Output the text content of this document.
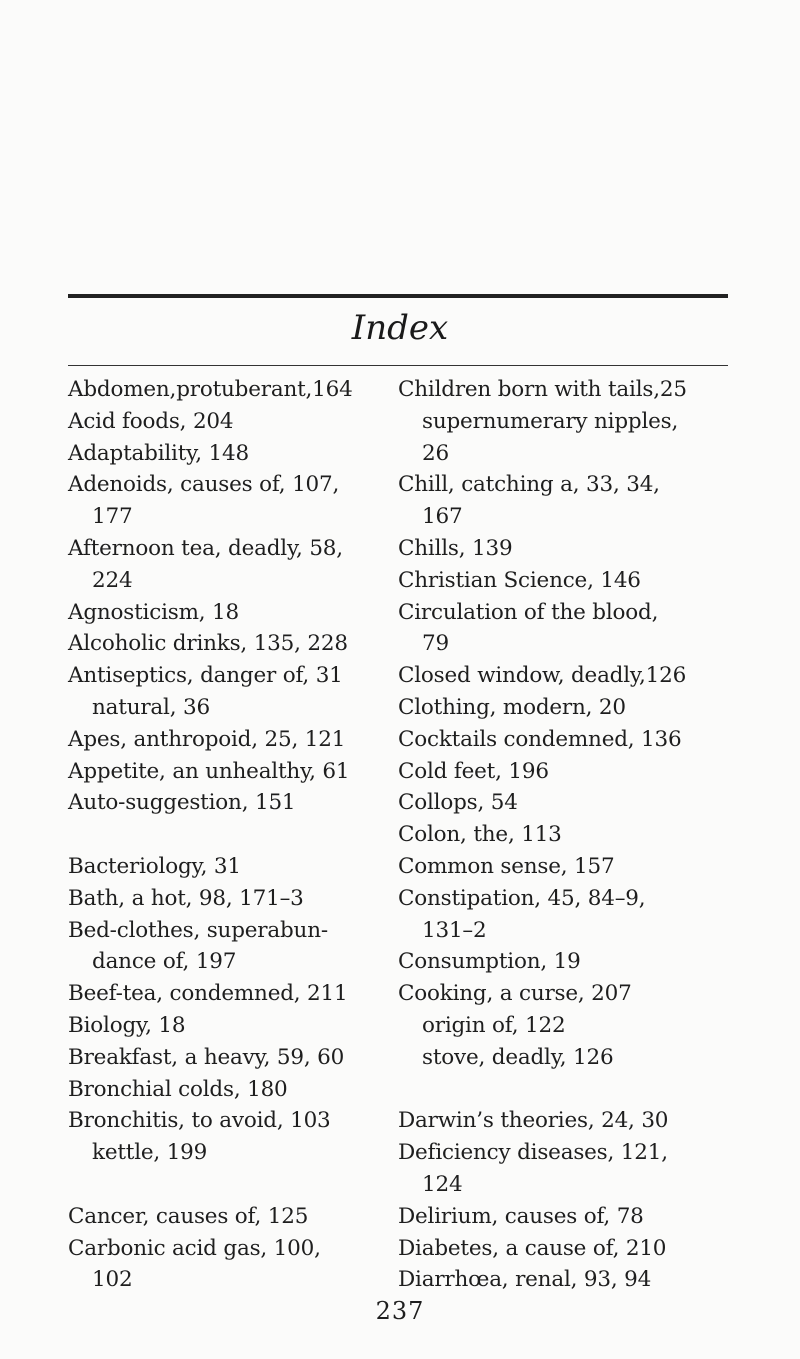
Index

Abdomen,protuberant,164

Acid foods, 204

Adaptability, 148

Adenoids, causes of, 107,

177

Afternoon tea, deadly, 58,

224

Agnosticism, 18

Alcoholic drinks, 135, 228

Antiseptics, danger of, 31

natural, 36

Apes, anthropoid, 25, 121

Appetite, an unhealthy, 61

Auto-suggestion, 151

Bacteriology, 31

Bath, a hot, 98, 171–3

Bed-clothes, superabun-

dance of, 197

Beef-tea, condemned, 211

Biology, 18

Breakfast, a heavy, 59, 60

Bronchial colds, 180

Bronchitis, to avoid, 103

kettle, 199

Cancer, causes of, 125

Carbonic acid gas, 100,

102

Children born with tails,25

supernumerary nipples,

26

Chill, catching a, 33, 34,

167

Chills, 139

Christian Science, 146

Circulation of the blood,

79

Closed window, deadly,126

Clothing, modern, 20

Cocktails condemned, 136

Cold feet, 196

Collops, 54

Colon, the, 113

Common sense, 157

Constipation, 45, 84–9,

131–2

Consumption, 19

Cooking, a curse, 207

origin of, 122

stove, deadly, 126

Darwin’s theories, 24, 30

Deficiency diseases, 121,

124

Delirium, causes of, 78

Diabetes, a cause of, 210

Diarrhœa, renal, 93, 94

237
